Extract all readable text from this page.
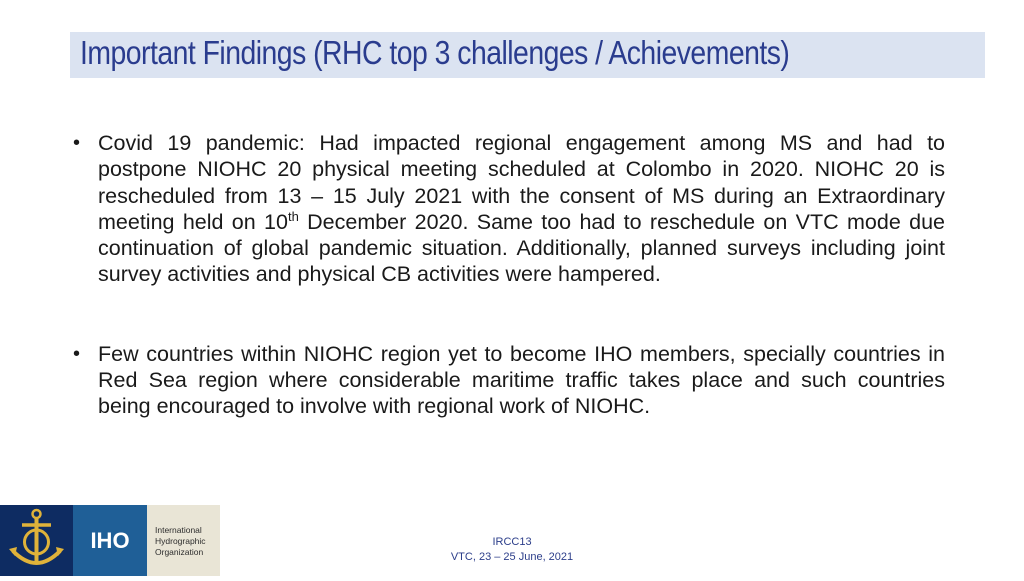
Important Findings (RHC top 3 challenges / Achievements)
• Covid 19 pandemic: Had impacted regional engagement among MS and had to postpone NIOHC 20 physical meeting scheduled at Colombo in 2020. NIOHC 20 is rescheduled from 13 – 15 July 2021 with the consent of MS during an Extraordinary meeting held on 10th December 2020. Same too had to reschedule on VTC mode due continuation of global pandemic situation. Additionally, planned surveys including joint survey activities and physical CB activities were hampered.
• Few countries within NIOHC region yet to become IHO members, specially countries in Red Sea region where considerable maritime traffic takes place and such countries being encouraged to involve with regional work of NIOHC.
IHO	International
Hydrographic
Organization
IRCC13
VTC, 23 – 25 June, 2021
